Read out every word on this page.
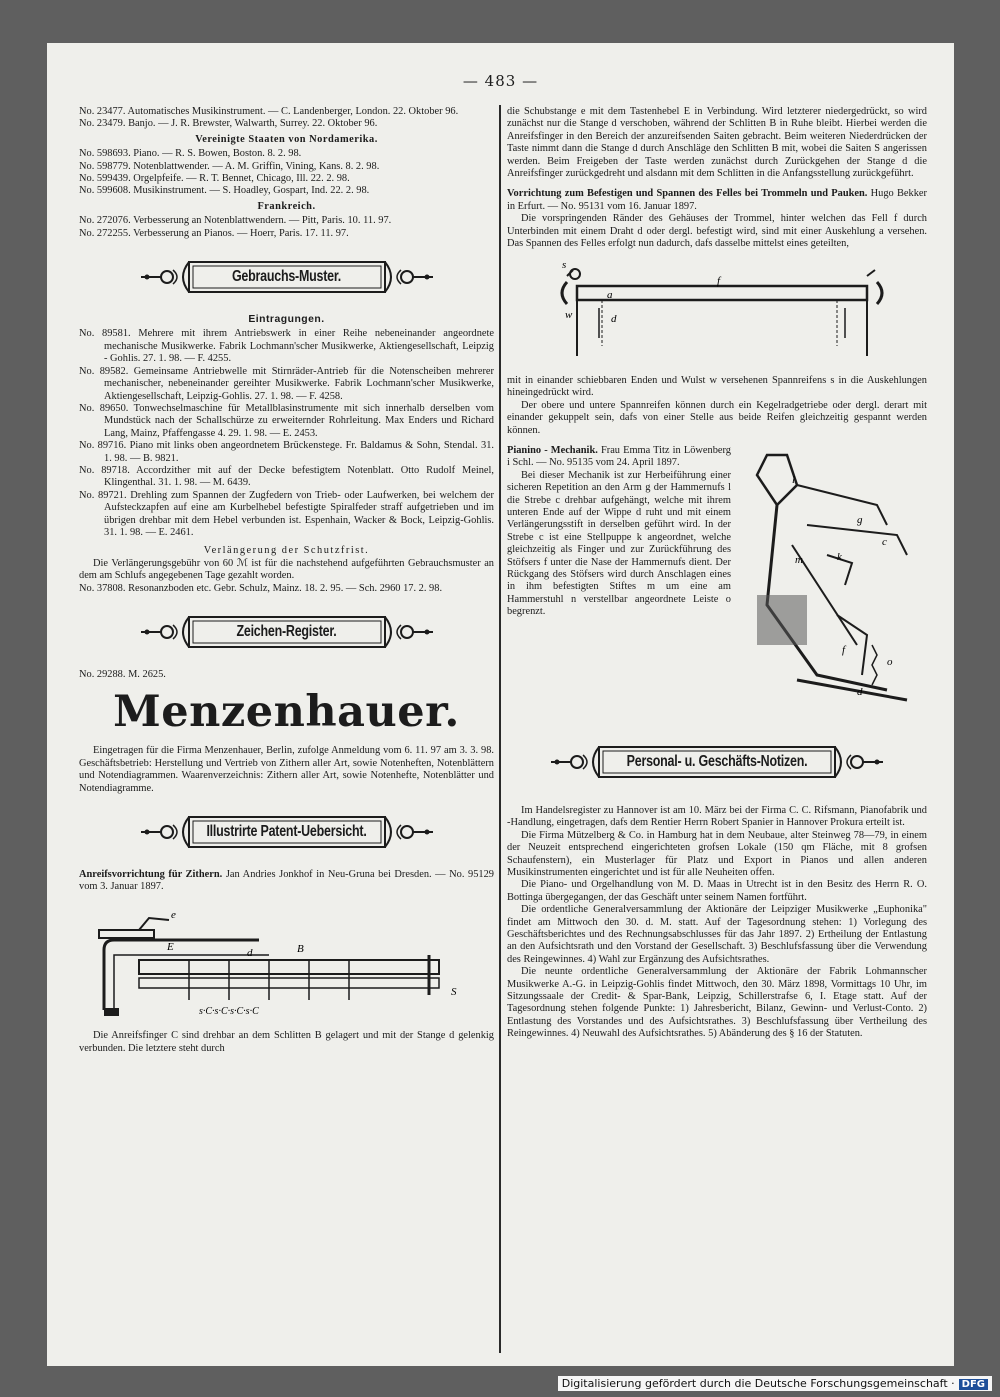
— 483 —

No. 23477. Automatisches Musikinstrument. — C. Landenberger, London. 22. Oktober 96.

No. 23479. Banjo. — J. R. Brewster, Walwarth, Surrey. 22. Oktober 96.

Vereinigte Staaten von Nordamerika.

No. 598693. Piano. — R. S. Bowen, Boston. 8. 2. 98.

No. 598779. Notenblattwender. — A. M. Griffin, Vining, Kans. 8. 2. 98.

No. 599439. Orgelpfeife. — R. T. Bennet, Chicago, Ill. 22. 2. 98.

No. 599608. Musikinstrument. — S. Hoadley, Gospart, Ind. 22. 2. 98.

Frankreich.

No. 272076. Verbesserung an Notenblattwendern. — Pitt, Paris. 10. 11. 97.

No. 272255. Verbesserung an Pianos. — Hoerr, Paris. 17. 11. 97.

Gebrauchs-Muster.

Eintragungen.

No. 89581. Mehrere mit ihrem Antriebswerk in einer Reihe nebeneinander angeordnete mechanische Musikwerke. Fabrik Lochmann'scher Musikwerke, Aktiengesellschaft, Leipzig - Gohlis. 27. 1. 98. — F. 4255.

No. 89582. Gemeinsame Antriebwelle mit Stirnräder-Antrieb für die Notenscheiben mehrerer mechanischer, nebeneinander gereihter Musikwerke. Fabrik Lochmann'scher Musikwerke, Aktiengesellschaft, Leipzig-Gohlis. 27. 1. 98. — F. 4258.

No. 89650. Tonwechselmaschine für Metallblasinstrumente mit sich innerhalb derselben vom Mundstück nach der Schallschürze zu erweiternder Rohrleitung. Max Enders und Richard Lang, Mainz, Pfaffengasse 4. 29. 1. 98. — E. 2453.

No. 89716. Piano mit links oben angeordnetem Brückenstege. Fr. Baldamus & Sohn, Stendal. 31. 1. 98. — B. 9821.

No. 89718. Accordzither mit auf der Decke befestigtem Notenblatt. Otto Rudolf Meinel, Klingenthal. 31. 1. 98. — M. 6439.

No. 89721. Drehling zum Spannen der Zugfedern von Trieb- oder Laufwerken, bei welchem der Aufsteckzapfen auf eine am Kurbelhebel befestigte Spiralfeder straff aufgetrieben und im übrigen drehbar mit dem Hebel verbunden ist. Espenhain, Wacker & Bock, Leipzig-Gohlis. 31. 1. 98. — E. 2461.

Verlängerung der Schutzfrist.

Die Verlängerungsgebühr von 60 ℳ ist für die nachstehend aufgeführten Gebrauchsmuster an dem am Schlufs angegebenen Tage gezahlt worden.

No. 37808. Resonanzboden etc. Gebr. Schulz, Mainz. 18. 2. 95. — Sch. 2960 17. 2. 98.

Zeichen-Register.

No. 29288. M. 2625.

Menzenhauer.

Eingetragen für die Firma Menzenhauer, Berlin, zufolge Anmeldung vom 6. 11. 97 am 3. 3. 98. Geschäftsbetrieb: Herstellung und Vertrieb von Zithern aller Art, sowie Notenheften, Notenblättern und Notendiagrammen. Waarenverzeichnis: Zithern aller Art, sowie Notenhefte, Notenblätter und Notendiagramme.

Illustrirte Patent-Uebersicht.

Anreifsvorrichtung für Zithern. Jan Andries Jonkhof in Neu-Gruna bei Dresden. — No. 95129 vom 3. Januar 1897.

e
E	d	B
S
s·C·s·C·s·C·s·C

Die Anreifsfinger C sind drehbar an dem Schlitten B gelagert und mit der Stange d gelenkig verbunden. Die letztere steht durch

die Schubstange e mit dem Tastenhebel E in Verbindung. Wird letzterer niedergedrückt, so wird zunächst nur die Stange d verschoben, während der Schlitten B in Ruhe bleibt. Hierbei werden die Anreifsfinger in den Bereich der anzureifsenden Saiten gebracht. Beim weiteren Niederdrücken der Taste nimmt dann die Stange d durch Anschläge den Schlitten B mit, wobei die Saiten S angerissen werden. Beim Freigeben der Taste werden zunächst durch Zurückgehen der Stange d die Anreifsfinger zurückgedreht und alsdann mit dem Schlitten in die Anfangsstellung zurückgeführt.

Vorrichtung zum Befestigen und Spannen des Felles bei Trommeln und Pauken. Hugo Bekker in Erfurt. — No. 95131 vom 16. Januar 1897.

Die vorspringenden Ränder des Gehäuses der Trommel, hinter welchen das Fell f durch Unterbinden mit einem Draht d oder dergl. befestigt wird, sind mit einer Auskehlung a versehen. Das Spannen des Felles erfolgt nun dadurch, dafs dasselbe mittelst eines geteilten,

s
a
f
w	d

mit in einander schiebbaren Enden und Wulst w versehenen Spannreifens s in die Auskehlungen hineingedrückt wird.

Der obere und untere Spannreifen können durch ein Kegelradgetriebe oder dergl. derart mit einander gekuppelt sein, dafs von einer Stelle aus beide Reifen gleichzeitig gespannt werden können.

l
g
c
m	k
f
o
d

Pianino - Mechanik. Frau Emma Titz in Löwenberg i Schl. — No. 95135 vom 24. April 1897.

Bei dieser Mechanik ist zur Herbeiführung einer sicheren Repetition an den Arm g der Hammernufs l die Strebe c drehbar aufgehängt, welche mit ihrem unteren Ende auf der Wippe d ruht und mit einem Verlängerungsstift in derselben geführt wird. In der Strebe c ist eine Stellpuppe k angeordnet, welche gleichzeitig als Finger und zur Zurückführung des Stöfsers f unter die Nase der Hammernufs dient. Der Rückgang des Stöfsers wird durch Anschlagen eines in ihm befestigten Stiftes m um eine am Hammerstuhl n verstellbar angeordnete Leiste o begrenzt.

Personal- u. Geschäfts-Notizen.

Im Handelsregister zu Hannover ist am 10. März bei der Firma C. C. Rifsmann, Pianofabrik und -Handlung, eingetragen, dafs dem Rentier Herrn Robert Spanier in Hannover Prokura erteilt ist.

Die Firma Mützelberg & Co. in Hamburg hat in dem Neubaue, alter Steinweg 78—79, in einem der Neuzeit entsprechend eingerichteten grofsen Lokale (150 qm Fläche, mit 8 grofsen Schaufenstern), ein Musterlager für Platz und Export in Pianos und allen anderen Musikinstrumenten eingerichtet und ist für alle Neuheiten offen.

Die Piano- und Orgelhandlung von M. D. Maas in Utrecht ist in den Besitz des Herrn R. O. Bottinga übergegangen, der das Geschäft unter seinem Namen fortführt.

Die ordentliche Generalversammlung der Aktionäre der Leipziger Musikwerke „Euphonika" findet am Mittwoch den 30. d. M. statt. Auf der Tagesordnung stehen: 1) Vorlegung des Geschäftsberichtes und des Rechnungsabschlusses für das Jahr 1897. 2) Ertheilung der Entlastung an den Aufsichtsrath und den Vorstand der Gesellschaft. 3) Beschlufsfassung über die Verwendung des Reingewinnes. 4) Wahl zur Ergänzung des Aufsichtsrathes.

Die neunte ordentliche Generalversammlung der Aktionäre der Fabrik Lohmannscher Musikwerke A.-G. in Leipzig-Gohlis findet Mittwoch, den 30. März 1898, Vormittags 10 Uhr, im Sitzungssaale der Credit- & Spar-Bank, Leipzig, Schillerstrafse 6, I. Etage statt. Auf der Tagesordnung stehen folgende Punkte: 1) Jahresbericht, Bilanz, Gewinn- und Verlust-Conto. 2) Entlastung des Vorstandes und des Aufsichtsrathes. 3) Beschlufsfassung über Vertheilung des Reingewinnes. 4) Neuwahl des Aufsichtsrathes. 5) Abänderung des § 16 der Statuten.

Digitalisierung gefördert durch die Deutsche Forschungsgemeinschaft · DFG
